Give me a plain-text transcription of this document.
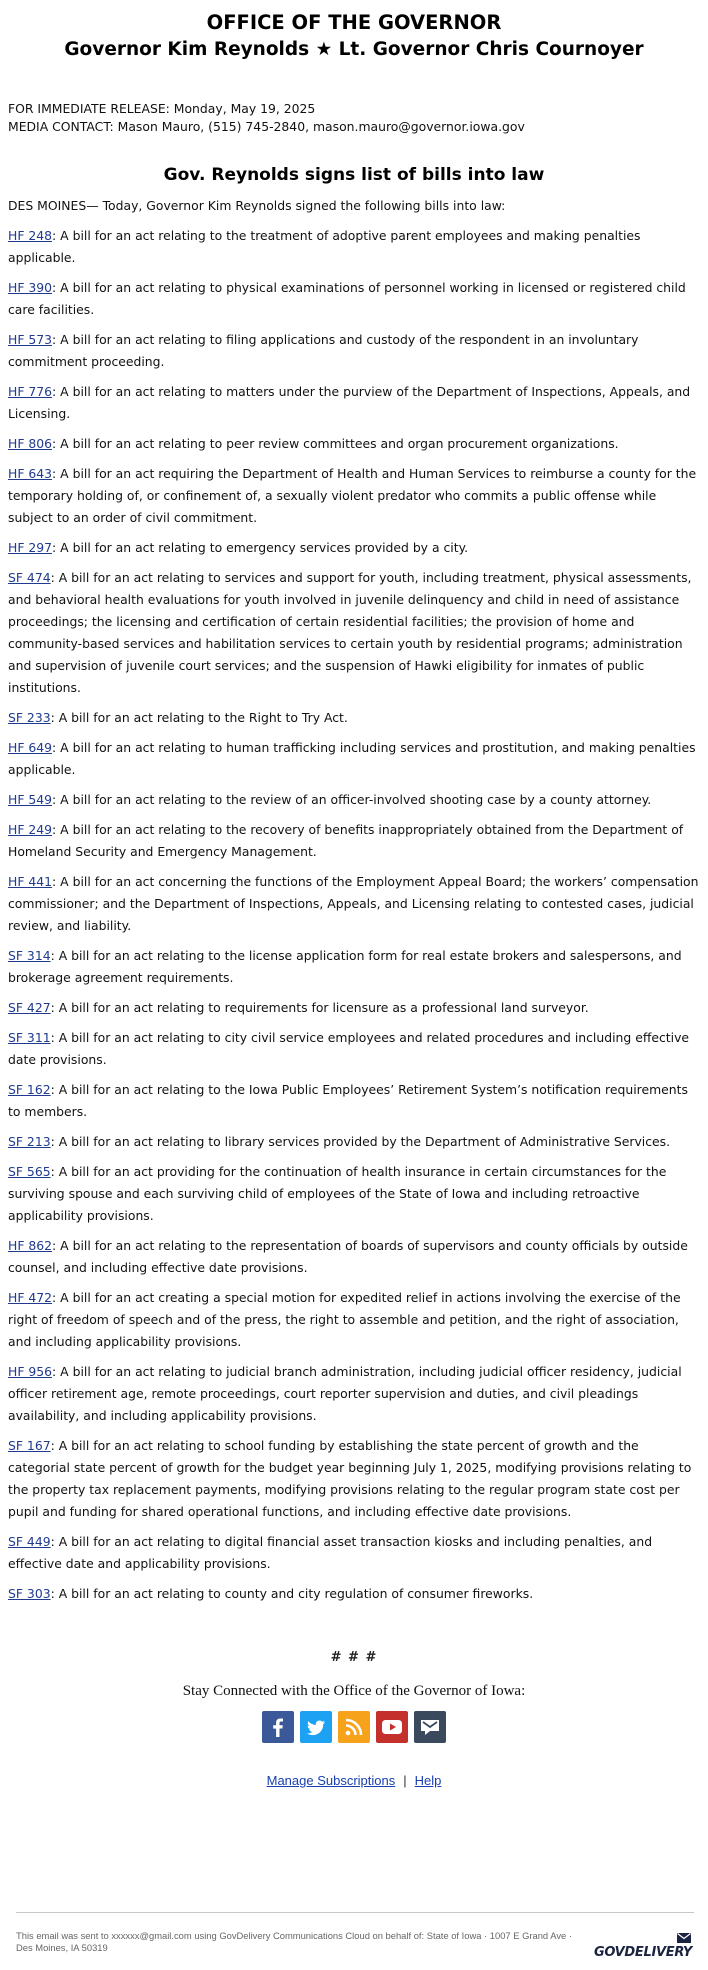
OFFICE OF THE GOVERNOR
Governor Kim Reynolds ★ Lt. Governor Chris Cournoyer
FOR IMMEDIATE RELEASE: Monday, May 19, 2025
MEDIA CONTACT: Mason Mauro, (515) 745-2840, mason.mauro@governor.iowa.gov
Gov. Reynolds signs list of bills into law
DES MOINES— Today, Governor Kim Reynolds signed the following bills into law:
HF 248: A bill for an act relating to the treatment of adoptive parent employees and making penalties applicable.
HF 390: A bill for an act relating to physical examinations of personnel working in licensed or registered child care facilities.
HF 573: A bill for an act relating to filing applications and custody of the respondent in an involuntary commitment proceeding.
HF 776: A bill for an act relating to matters under the purview of the Department of Inspections, Appeals, and Licensing.
HF 806: A bill for an act relating to peer review committees and organ procurement organizations.
HF 643: A bill for an act requiring the Department of Health and Human Services to reimburse a county for the temporary holding of, or confinement of, a sexually violent predator who commits a public offense while subject to an order of civil commitment.
HF 297: A bill for an act relating to emergency services provided by a city.
SF 474: A bill for an act relating to services and support for youth, including treatment, physical assessments, and behavioral health evaluations for youth involved in juvenile delinquency and child in need of assistance proceedings; the licensing and certification of certain residential facilities; the provision of home and community-based services and habilitation services to certain youth by residential programs; administration and supervision of juvenile court services; and the suspension of Hawki eligibility for inmates of public institutions.
SF 233: A bill for an act relating to the Right to Try Act.
HF 649: A bill for an act relating to human trafficking including services and prostitution, and making penalties applicable.
HF 549: A bill for an act relating to the review of an officer-involved shooting case by a county attorney.
HF 249: A bill for an act relating to the recovery of benefits inappropriately obtained from the Department of Homeland Security and Emergency Management.
HF 441: A bill for an act concerning the functions of the Employment Appeal Board; the workers’ compensation commissioner; and the Department of Inspections, Appeals, and Licensing relating to contested cases, judicial review, and liability.
SF 314: A bill for an act relating to the license application form for real estate brokers and salespersons, and brokerage agreement requirements.
SF 427: A bill for an act relating to requirements for licensure as a professional land surveyor.
SF 311: A bill for an act relating to city civil service employees and related procedures and including effective date provisions.
SF 162: A bill for an act relating to the Iowa Public Employees’ Retirement System’s notification requirements to members.
SF 213: A bill for an act relating to library services provided by the Department of Administrative Services.
SF 565: A bill for an act providing for the continuation of health insurance in certain circumstances for the surviving spouse and each surviving child of employees of the State of Iowa and including retroactive applicability provisions.
HF 862: A bill for an act relating to the representation of boards of supervisors and county officials by outside counsel, and including effective date provisions.
HF 472: A bill for an act creating a special motion for expedited relief in actions involving the exercise of the right of freedom of speech and of the press, the right to assemble and petition, and the right of association, and including applicability provisions.
HF 956: A bill for an act relating to judicial branch administration, including judicial officer residency, judicial officer retirement age, remote proceedings, court reporter supervision and duties, and civil pleadings availability, and including applicability provisions.
SF 167: A bill for an act relating to school funding by establishing the state percent of growth and the categorial state percent of growth for the budget year beginning July 1, 2025, modifying provisions relating to the property tax replacement payments, modifying provisions relating to the regular program state cost per pupil and funding for shared operational functions, and including effective date provisions.
SF 449: A bill for an act relating to digital financial asset transaction kiosks and including penalties, and effective date and applicability provisions.
SF 303: A bill for an act relating to county and city regulation of consumer fireworks.
# # #
Stay Connected with the Office of the Governor of Iowa:
Manage Subscriptions | Help
This email was sent to xxxxxx@gmail.com using GovDelivery Communications Cloud on behalf of: State of Iowa · 1007 E Grand Ave · Des Moines, IA 50319	GOVDELIVERY
